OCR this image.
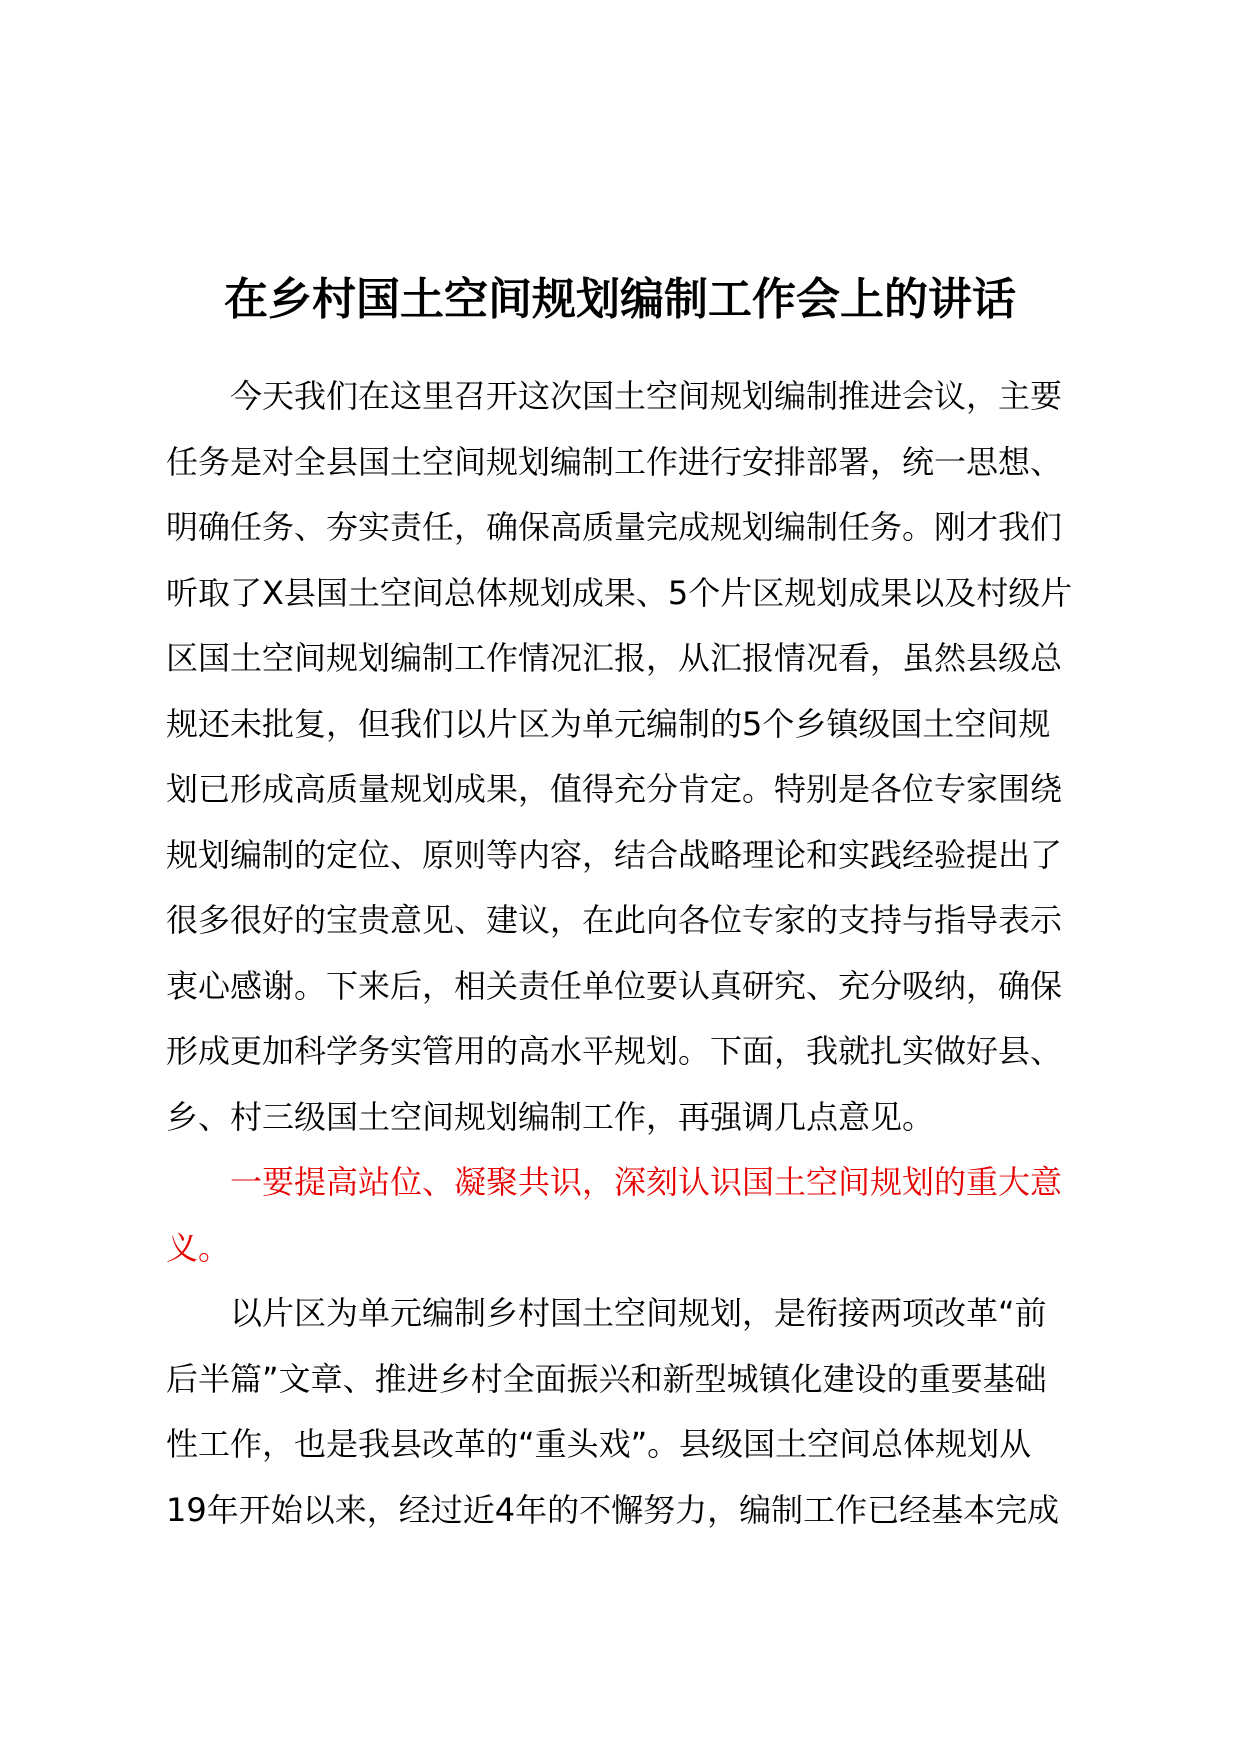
在乡村国土空间规划编制工作会上的讲话
今天我们在这里召开这次国土空间规划编制推进会议，主要
任务是对全县国土空间规划编制工作进行安排部署，统一思想、
明确任务、夯实责任，确保高质量完成规划编制任务。刚才我们
听取了X县国土空间总体规划成果、5个片区规划成果以及村级片
区国土空间规划编制工作情况汇报，从汇报情况看，虽然县级总
规还未批复，但我们以片区为单元编制的5个乡镇级国土空间规
划已形成高质量规划成果，值得充分肯定。特别是各位专家围绕
规划编制的定位、原则等内容，结合战略理论和实践经验提出了
很多很好的宝贵意见、建议，在此向各位专家的支持与指导表示
衷心感谢。下来后，相关责任单位要认真研究、充分吸纳，确保
形成更加科学务实管用的高水平规划。下面，我就扎实做好县、
乡、村三级国土空间规划编制工作，再强调几点意见。
一要提高站位、凝聚共识，深刻认识国土空间规划的重大意
义。
以片区为单元编制乡村国土空间规划，是衔接两项改革“前
后半篇”文章、推进乡村全面振兴和新型城镇化建设的重要基础
性工作，也是我县改革的“重头戏”。县级国土空间总体规划从
19年开始以来，经过近4年的不懈努力，编制工作已经基本完成
